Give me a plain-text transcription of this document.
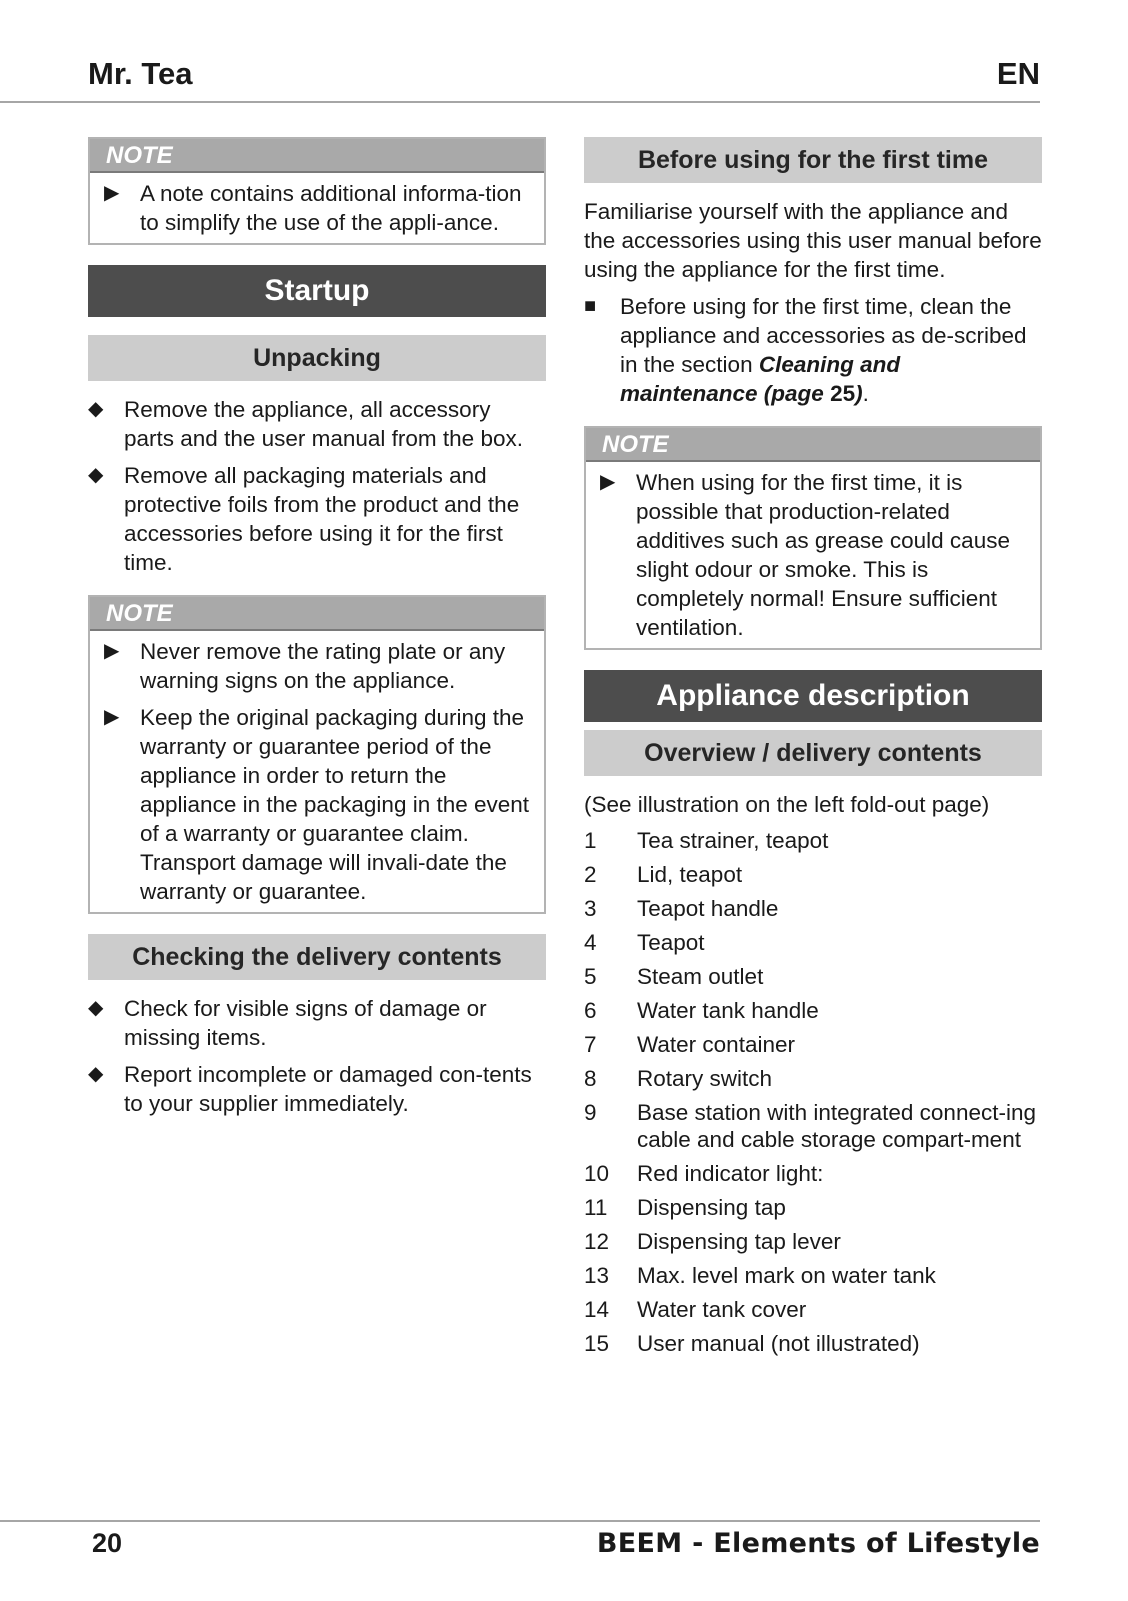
Mr. Tea	EN
NOTE
▶ A note contains additional informa-tion to simplify the use of the appli-ance.
Startup
Unpacking
◆ Remove the appliance, all accessory parts and the user manual from the box.
◆ Remove all packaging materials and protective foils from the product and the accessories before using it for the first time.
NOTE
▶ Never remove the rating plate or any warning signs on the appliance.
▶ Keep the original packaging during the warranty or guarantee period of the appliance in order to return the appliance in the packaging in the event of a warranty or guarantee claim. Transport damage will invali-date the warranty or guarantee.
Checking the delivery contents
◆ Check for visible signs of damage or missing items.
◆ Report incomplete or damaged con-tents to your supplier immediately.
Before using for the first time

Familiarise yourself with the appliance and the accessories using this user manual before using the appliance for the first time.

■	Before using for the first time, clean the appliance and accessories as de-scribed in the section Cleaning and maintenance (page 25).
NOTE
▶ When using for the first time, it is possible that production-related additives such as grease could cause slight odour or smoke. This is completely normal! Ensure sufficient ventilation.
Appliance description
Overview / delivery contents

(See illustration on the left fold-out page)

1	Tea strainer, teapot
2	Lid, teapot
3	Teapot handle
4	Teapot
5	Steam outlet
6	Water tank handle
7	Water container
8	Rotary switch
9	Base station with integrated connect-ing cable and cable storage compart-ment
10	Red indicator light:
11	Dispensing tap
12	Dispensing tap lever
13	Max. level mark on water tank
14	Water tank cover
15	User manual (not illustrated)
20	BEEM - Elements of Lifestyle
